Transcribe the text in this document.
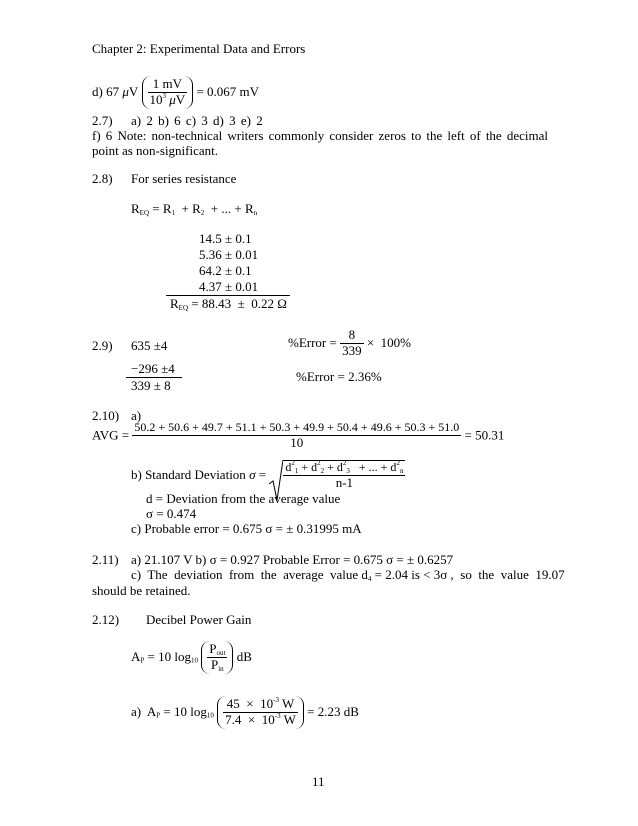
Chapter 2: Experimental Data and Errors
d) 67 μV $\frac{1 mV}{10^3 \mu V} = 0.067$ mV
2.7) a) 2 b) 6 c) 3 d) 3 e) 2
f) 6 Note: non-technical writers commonly consider zeros to the left of the decimal point as non-significant.
2.8) For series resistance
$R_{EQ} = R_1 + R_2$  + ... + $R_n$
14.5 ± 0.1
5.36 ± 0.01
64.2 ± 0.1
4.37 ± 0.01
$R_{EQ} = 88.43 \pm 0.22$ Ω
2.9) 635 ±4
−296 ±4
339 ± 8
%Error = $\frac{8}{339} \times 100\%$
%Error = 2.36%
2.10) a)
AVG =
50.2 + 50.6 + 49.7 + 51.1 + 50.3 + 49.9 + 50.4 + 49.6 + 50.3 + 51.0
10	= 50.31
b) Standard Deviation $\sigma = \frac{d^2_1 + d^2_2 + d^2_3 + ... + d^2_n}{n-1}$
d = Deviation from the average value
σ = 0.474
c) Probable error = 0.675 σ = ± 0.31995 mA
2.11) a) 21.107 V b) σ = 0.927 Probable Error = 0.675 σ = ± 0.6257
c)  The  deviation  from  the  average  value $d_4 = 2.04$ is < 3σ ,  so  the  value  19.07
should be retained.
2.12) Decibel Power Gain
$A_P = 10$ $\log_{10} \frac{P_{out}}{P_{in}}$ dB
a)  $A_P = 10$ $\log_{10} \frac{45 \times 10^{-3} W}{7.4 \times 10^{-3} W} = 2.23$ dB
11
